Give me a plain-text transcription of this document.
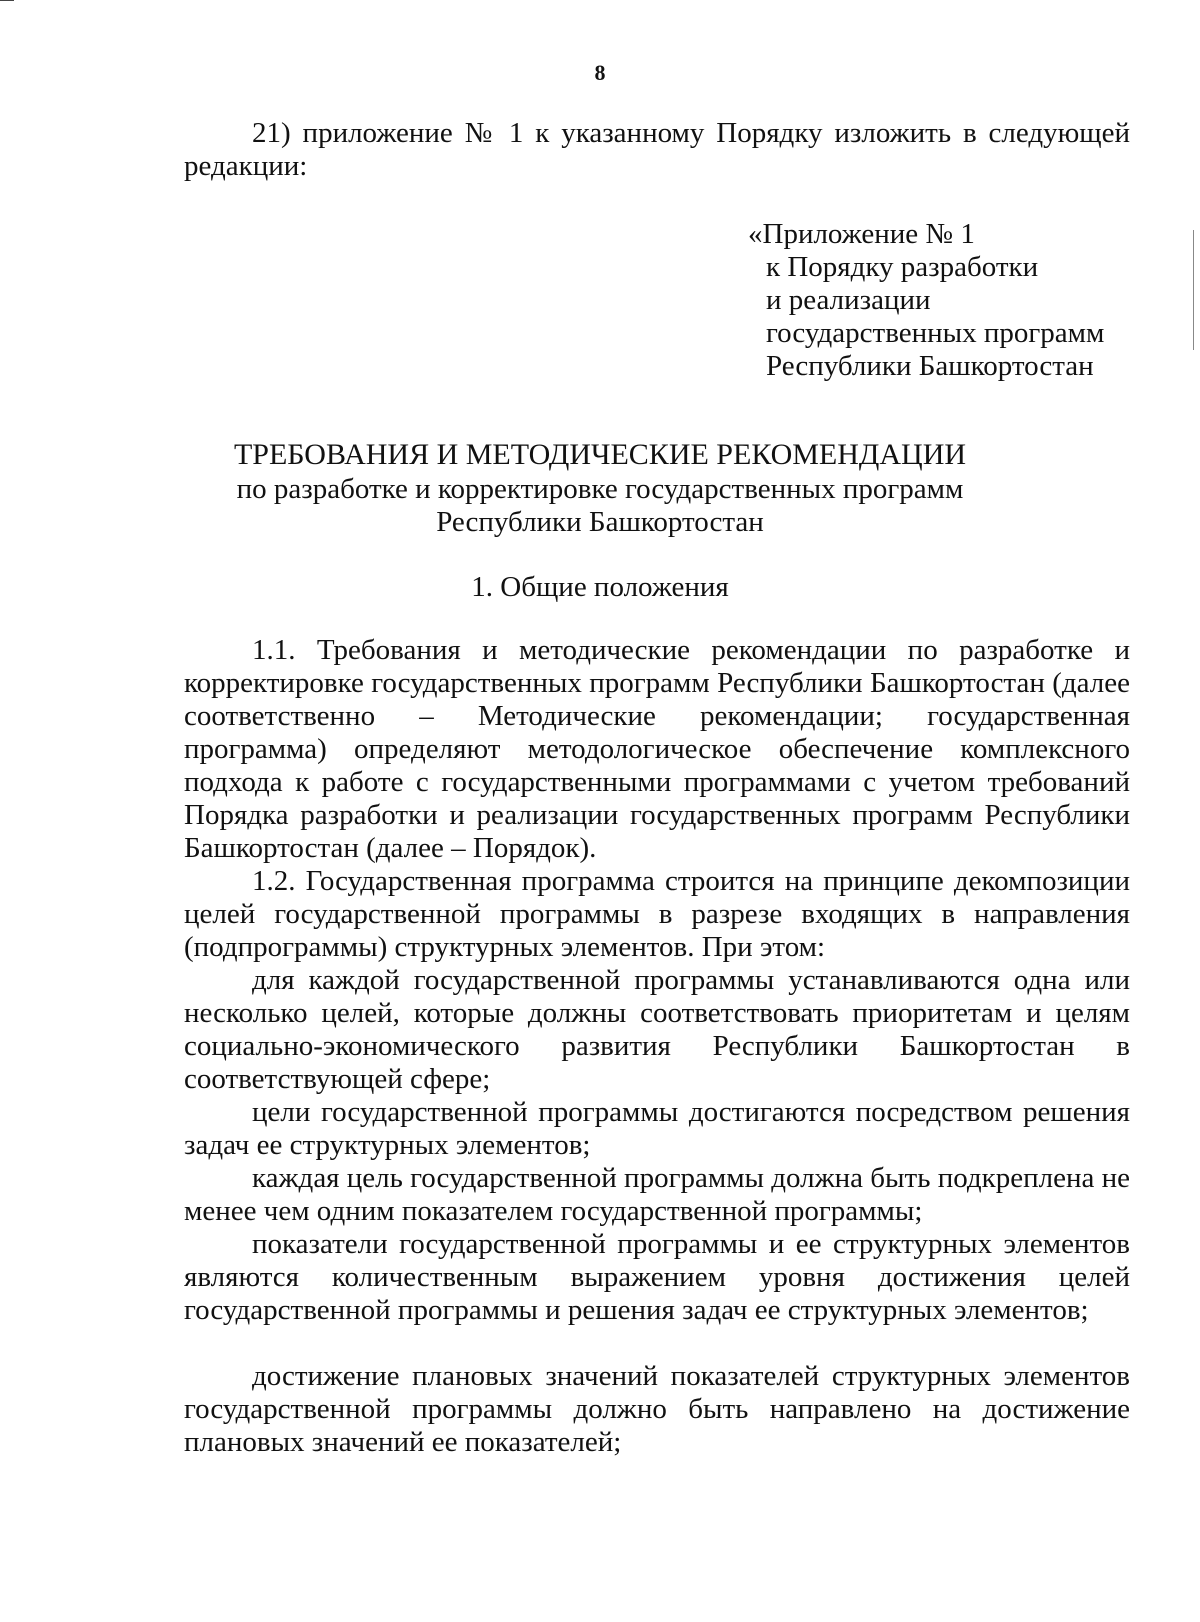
8
21) приложение № 1 к указанному Порядку изложить в следующей редакции:
«Приложение № 1
к Порядку разработки
и реализации
государственных программ
Республики Башкортостан
ТРЕБОВАНИЯ И МЕТОДИЧЕСКИЕ РЕКОМЕНДАЦИИ
по разработке и корректировке государственных программ
Республики Башкортостан
1. Общие положения
1.1. Требования и методические рекомендации по разработке и корректировке государственных программ Республики Башкортостан (далее соответственно – Методические рекомендации; государственная программа) определяют методологическое обеспечение комплексного подхода к работе с государственными программами с учетом требований Порядка разработки и реализации государственных программ Республики Башкортостан (далее – Порядок).
1.2. Государственная программа строится на принципе декомпозиции целей государственной программы в разрезе входящих в направления (подпрограммы) структурных элементов. При этом:
для каждой государственной программы устанавливаются одна или несколько целей, которые должны соответствовать приоритетам и целям социально-экономического развития Республики Башкортостан в соответствующей сфере;
цели государственной программы достигаются посредством решения задач ее структурных элементов;
каждая цель государственной программы должна быть подкреплена не менее чем одним показателем государственной программы;
показатели государственной программы и ее структурных элементов являются количественным выражением уровня достижения целей государственной программы и решения задач ее структурных элементов;
достижение плановых значений показателей структурных элементов государственной программы должно быть направлено на достижение плановых значений ее показателей;
